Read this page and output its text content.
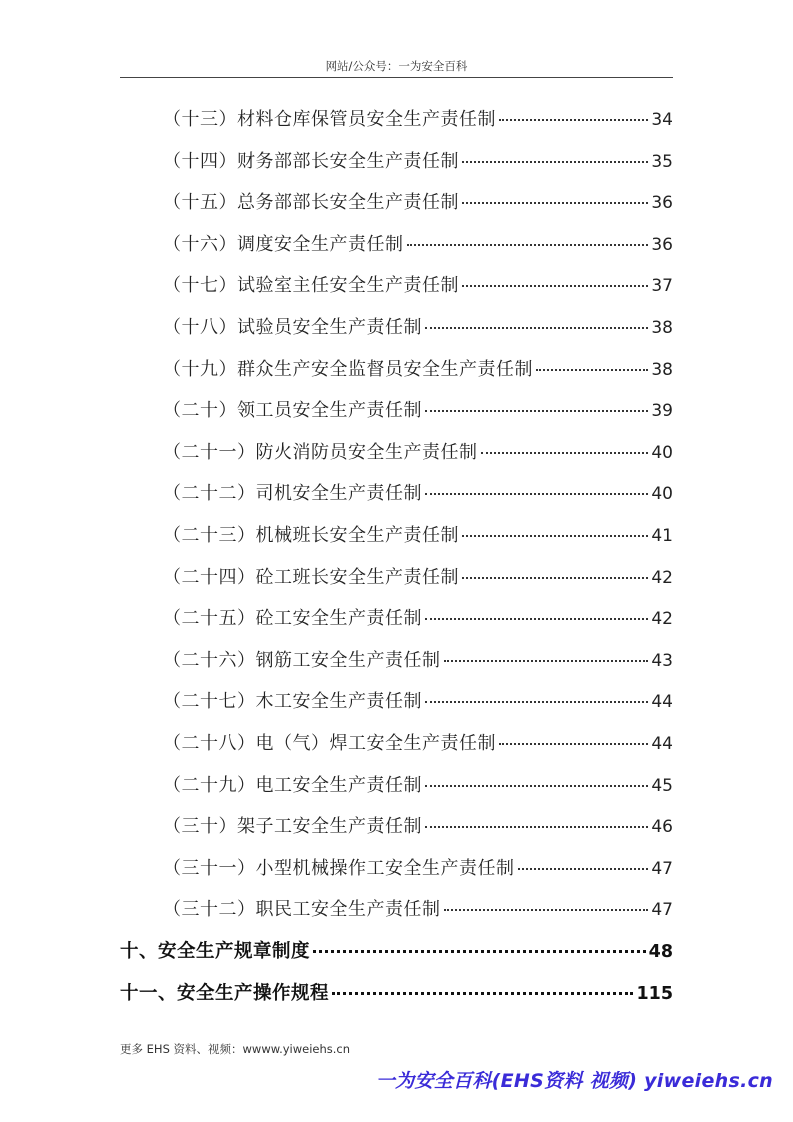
网站/公众号：一为安全百科
（十三）材料仓库保管员安全生产责任制	34
（十四）财务部部长安全生产责任制	35
（十五）总务部部长安全生产责任制	36
（十六）调度安全生产责任制	36
（十七）试验室主任安全生产责任制	37
（十八）试验员安全生产责任制	38
（十九）群众生产安全监督员安全生产责任制	38
（二十）领工员安全生产责任制	39
（二十一）防火消防员安全生产责任制	40
（二十二）司机安全生产责任制	40
（二十三）机械班长安全生产责任制	41
（二十四）砼工班长安全生产责任制	42
（二十五）砼工安全生产责任制	42
（二十六）钢筋工安全生产责任制	43
（二十七）木工安全生产责任制	44
（二十八）电（气）焊工安全生产责任制	44
（二十九）电工安全生产责任制	45
（三十）架子工安全生产责任制	46
（三十一）小型机械操作工安全生产责任制	47
（三十二）职民工安全生产责任制	47
十、安全生产规章制度	48
十一、安全生产操作规程	115
更多 EHS 资料、视频：wwww.yiweiehs.cn
一为安全百科(EHS资料 视频) yiweiehs.cn
